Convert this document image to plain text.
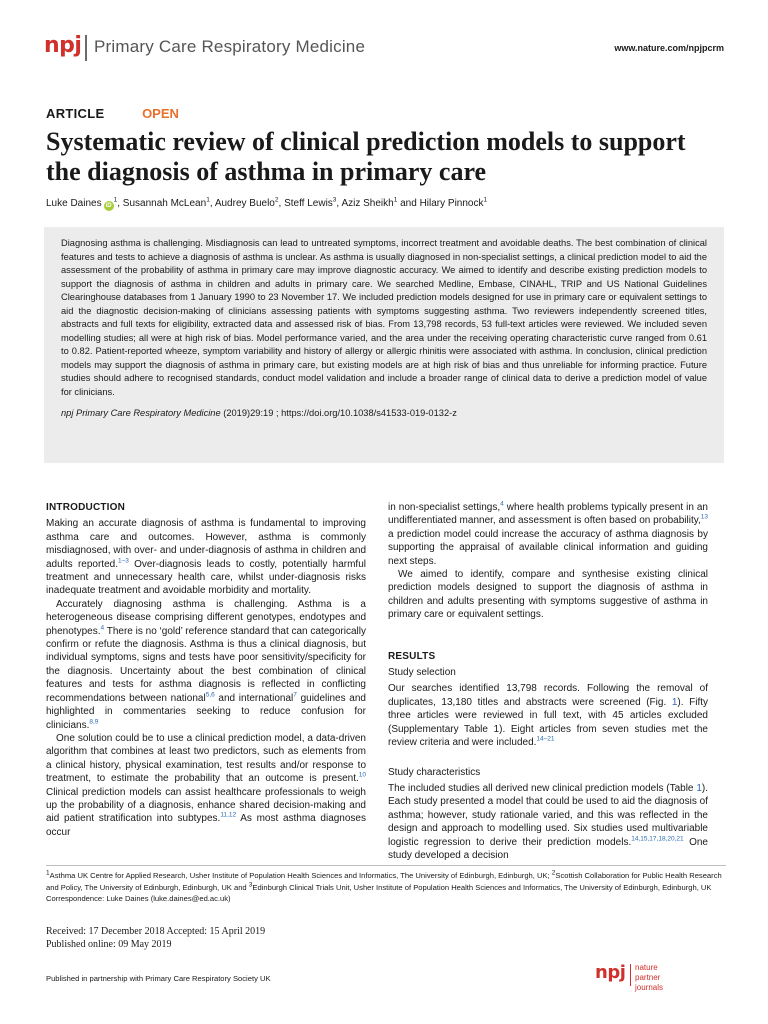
npj Primary Care Respiratory Medicine	www.nature.com/npjpcrm
ARTICLE	OPEN
Systematic review of clinical prediction models to support the diagnosis of asthma in primary care
Luke Daines $iD^1$, Susannah McLean$^1$, Audrey Buelo$^2$, Steff Lewis$^3$, Aziz Sheikh$^1$ and Hilary Pinnock$^1$

Diagnosing asthma is challenging. Misdiagnosis can lead to untreated symptoms, incorrect treatment and avoidable deaths. The best combination of clinical features and tests to achieve a diagnosis of asthma is unclear. As asthma is usually diagnosed in non-specialist settings, a clinical prediction model to aid the assessment of the probability of asthma in primary care may improve diagnostic accuracy. We aimed to identify and describe existing prediction models to support the diagnosis of asthma in children and adults in primary care. We searched Medline, Embase, CINAHL, TRIP and US National Guidelines Clearinghouse databases from 1 January 1990 to 23 November 17. We included prediction models designed for use in primary care or equivalent settings to aid the diagnostic decision-making of clinicians assessing patients with symptoms suggesting asthma. Two reviewers independently screened titles, abstracts and full texts for eligibility, extracted data and assessed risk of bias. From 13,798 records, 53 full-text articles were reviewed. We included seven modelling studies; all were at high risk of bias. Model performance varied, and the area under the receiving operating characteristic curve ranged from 0.61 to 0.82. Patient-reported wheeze, symptom variability and history of allergy or allergic rhinitis were associated with asthma. In conclusion, clinical prediction models may support the diagnosis of asthma in primary care, but existing models are at high risk of bias and thus unreliable for informing practice. Future studies should adhere to recognised standards, conduct model validation and include a broader range of clinical data to derive a prediction model of value for clinicians.

npj Primary Care Respiratory Medicine (2019)29:19 ; https://doi.org/10.1038/s41533-019-0132-z

INTRODUCTION

Making an accurate diagnosis of asthma is fundamental to improving asthma care and outcomes. However, asthma is commonly misdiagnosed, with over- and under-diagnosis of asthma in children and adults reported.$^{1-3}$ Over-diagnosis leads to costly, potentially harmful treatment and unnecessary health care, whilst under-diagnosis risks inadequate treatment and avoidable morbidity and mortality.

Accurately diagnosing asthma is challenging. Asthma is a heterogeneous disease comprising different genotypes, endotypes and phenotypes.$^4$ There is no ‘gold’ reference standard that can categorically confirm or refute the diagnosis. Asthma is thus a clinical diagnosis, but individual symptoms, signs and tests have poor sensitivity/specificity for the diagnosis. Uncertainty about the best combination of clinical features and tests for asthma diagnosis is reflected in conflicting recommendations between national$^{5,6}$ and international$^7$ guidelines and highlighted in commentaries seeking to reduce confusion for clinicians.$^{8,9}$

One solution could be to use a clinical prediction model, a data-driven algorithm that combines at least two predictors, such as elements from a clinical history, physical examination, test results and/or response to treatment, to estimate the probability that an outcome is present.$^{10}$ Clinical prediction models can assist healthcare professionals to weigh up the probability of a diagnosis, enhance shared decision-making and aid patient stratification into subtypes.$^{11,12}$ As most asthma diagnoses occur

in non-specialist settings,$^4$ where health problems typically present in an undifferentiated manner, and assessment is often based on probability,$^{13}$ a prediction model could increase the accuracy of asthma diagnosis by supporting the appraisal of available clinical information and guiding next steps.

We aimed to identify, compare and synthesise existing clinical prediction models designed to support the diagnosis of asthma in children and adults presenting with symptoms suggestive of asthma in primary care or equivalent settings.

RESULTS
Study selection

Our searches identified 13,798 records. Following the removal of duplicates, 13,180 titles and abstracts were screened (Fig. 1). Fifty three articles were reviewed in full text, with 45 articles excluded (Supplementary Table 1). Eight articles from seven studies met the review criteria and were included.$^{14-21}$

Study characteristics

The included studies all derived new clinical prediction models (Table 1). Each study presented a model that could be used to aid the diagnosis of asthma; however, study rationale varied, and this was reflected in the design and approach to modelling used. Six studies used multivariable logistic regression to derive their prediction models.$^{14,15,17,18,20,21}$ One study developed a decision

$^1$Asthma UK Centre for Applied Research, Usher Institute of Population Health Sciences and Informatics, The University of Edinburgh, Edinburgh, UK; $^2$Scottish Collaboration for Public Health Research and Policy, The University of Edinburgh, Edinburgh, UK and $^3$Edinburgh Clinical Trials Unit, Usher Institute of Population Health Sciences and Informatics, The University of Edinburgh, Edinburgh, UK
Correspondence: Luke Daines (luke.daines@ed.ac.uk)
Received: 17 December 2018 Accepted: 15 April 2019
Published online: 09 May 2019
Published in partnership with Primary Care Respiratory Society UK	npj nature
partner
journals
